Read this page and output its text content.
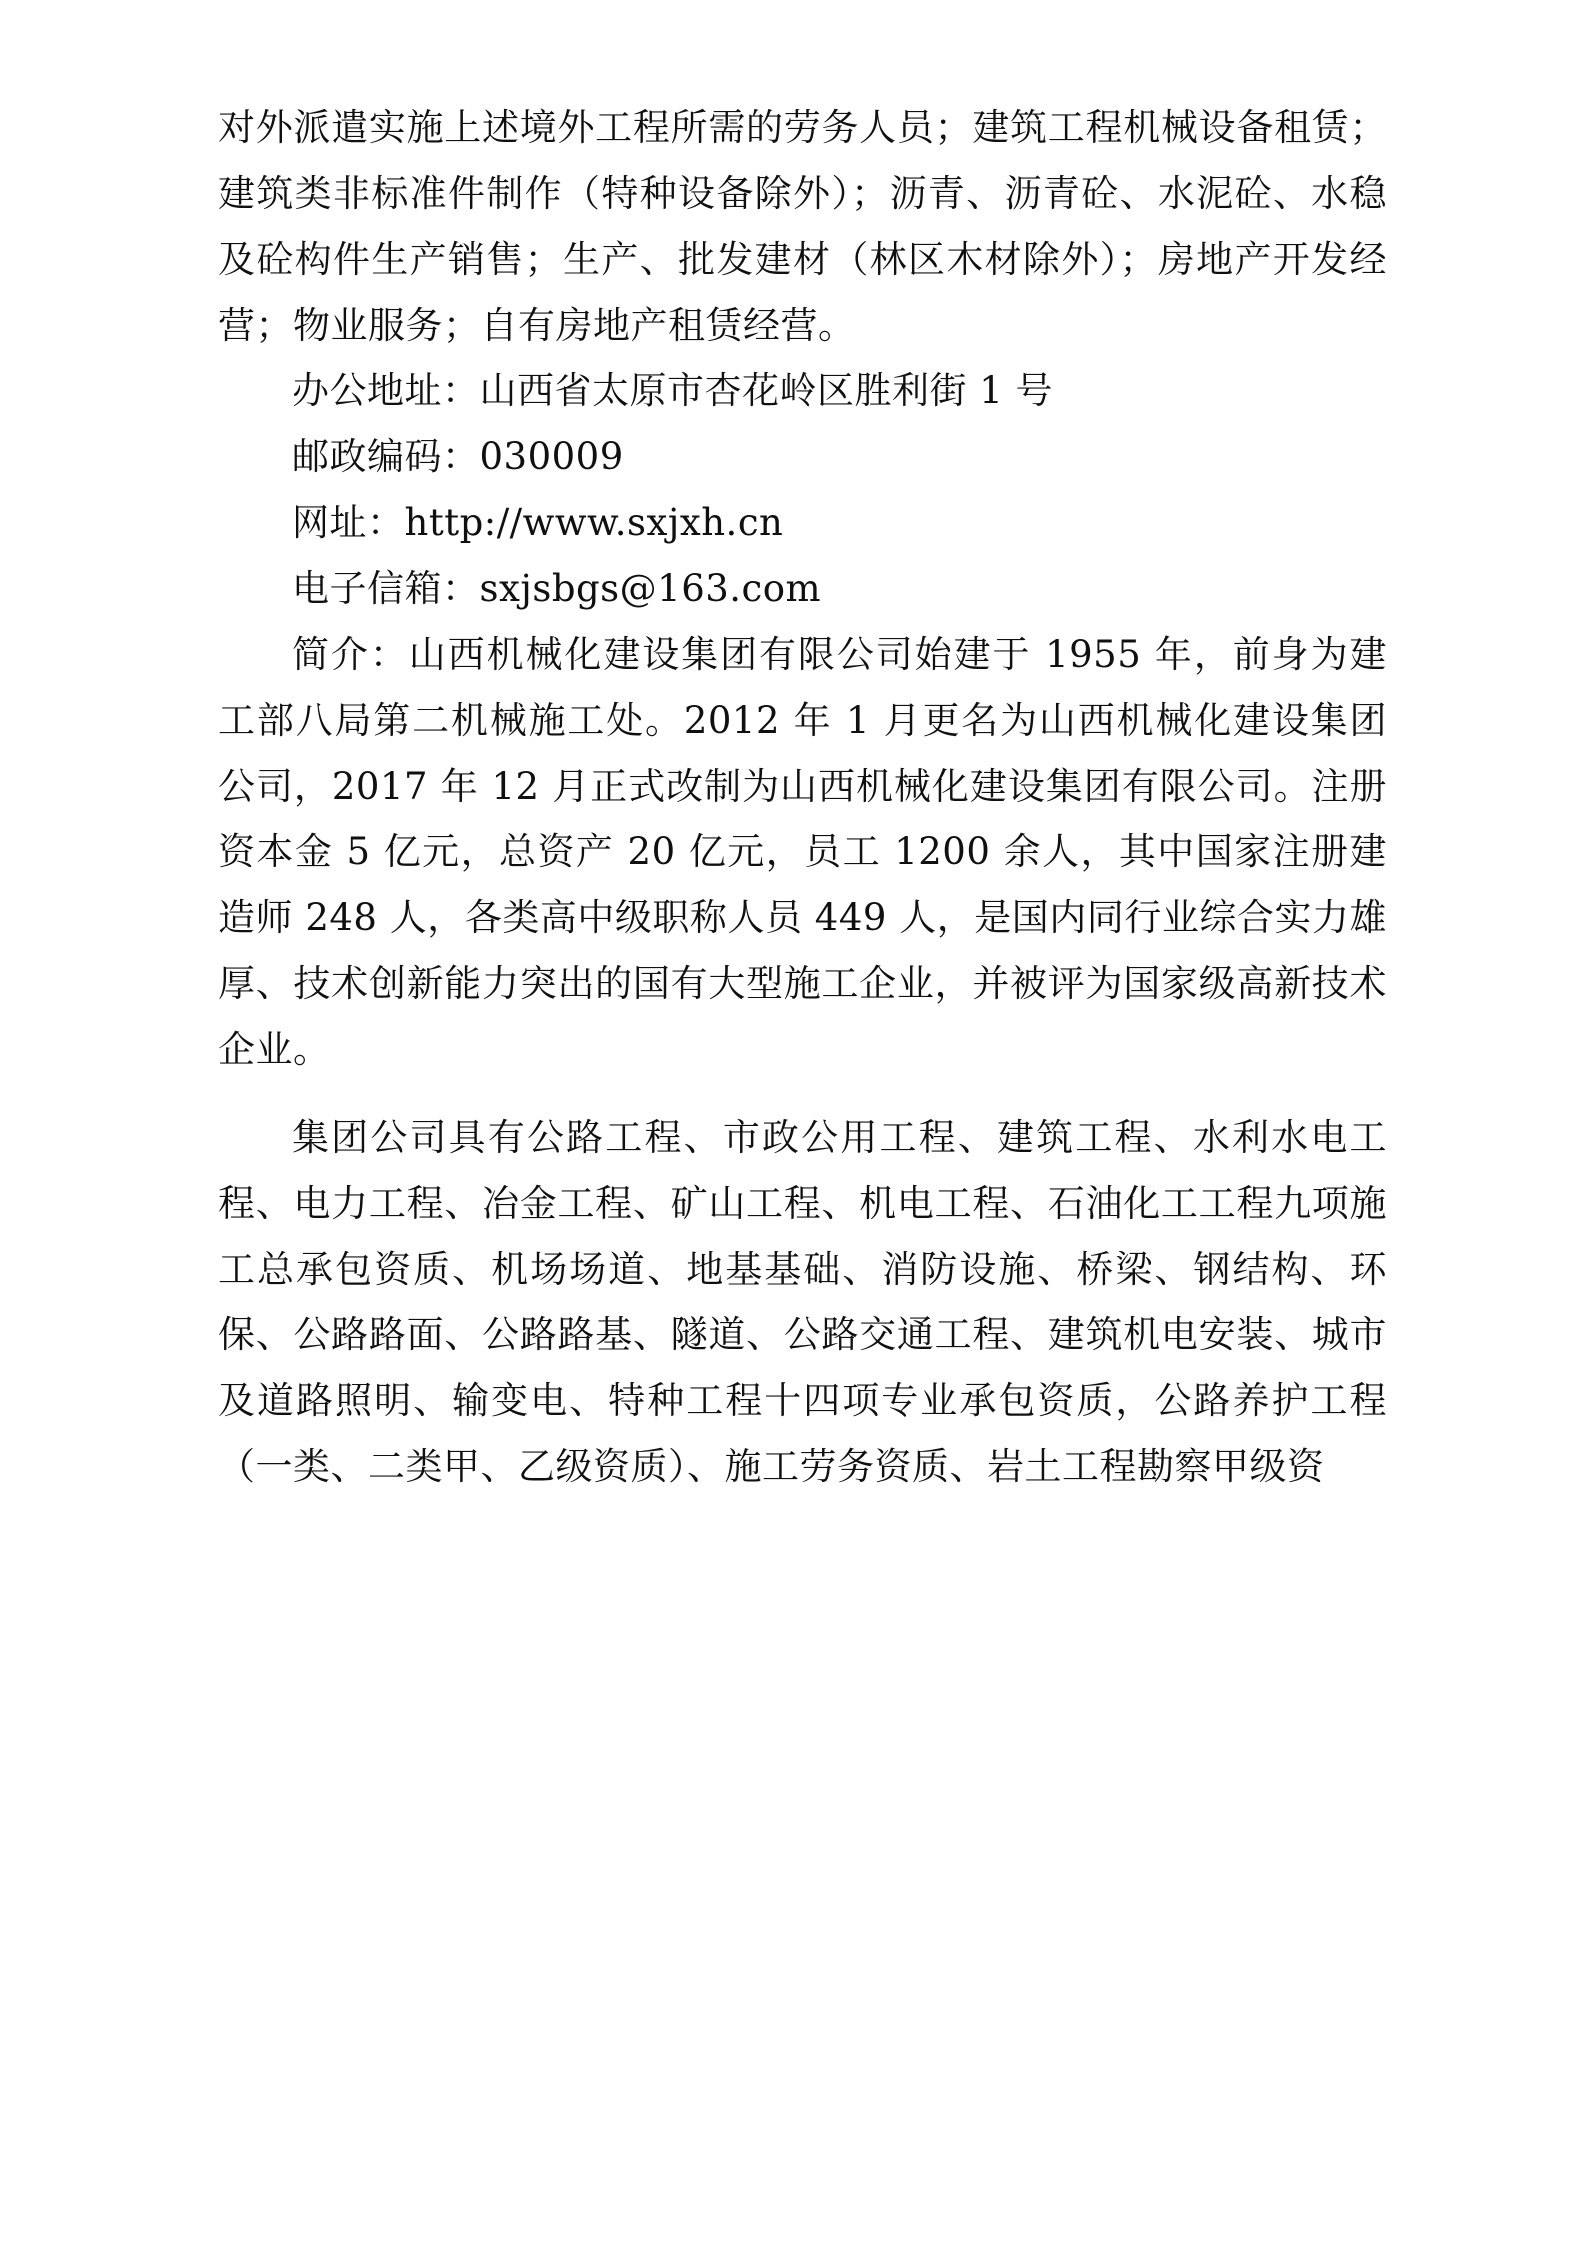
对外派遣实施上述境外工程所需的劳务人员；建筑工程机械设备租赁；建筑类非标准件制作（特种设备除外）；沥青、沥青砼、水泥砼、水稳及砼构件生产销售；生产、批发建材（林区木材除外）；房地产开发经营；物业服务；自有房地产租赁经营。

办公地址：山西省太原市杏花岭区胜利街 1 号

邮政编码：030009

网址：http://www.sxjxh.cn

电子信箱：sxjsbgs@163.com

简介：山西机械化建设集团有限公司始建于 1955 年，前身为建工部八局第二机械施工处。2012 年 1 月更名为山西机械化建设集团公司，2017 年 12 月正式改制为山西机械化建设集团有限公司。注册资本金 5 亿元，总资产 20 亿元，员工 1200 余人，其中国家注册建造师 248 人，各类高中级职称人员 449 人，是国内同行业综合实力雄厚、技术创新能力突出的国有大型施工企业，并被评为国家级高新技术企业。

集团公司具有公路工程、市政公用工程、建筑工程、水利水电工程、电力工程、冶金工程、矿山工程、机电工程、石油化工工程九项施工总承包资质、机场场道、地基基础、消防设施、桥梁、钢结构、环保、公路路面、公路路基、隧道、公路交通工程、建筑机电安装、城市及道路照明、输变电、特种工程十四项专业承包资质，公路养护工程（一类、二类甲、乙级资质）、施工劳务资质、岩土工程勘察甲级资
